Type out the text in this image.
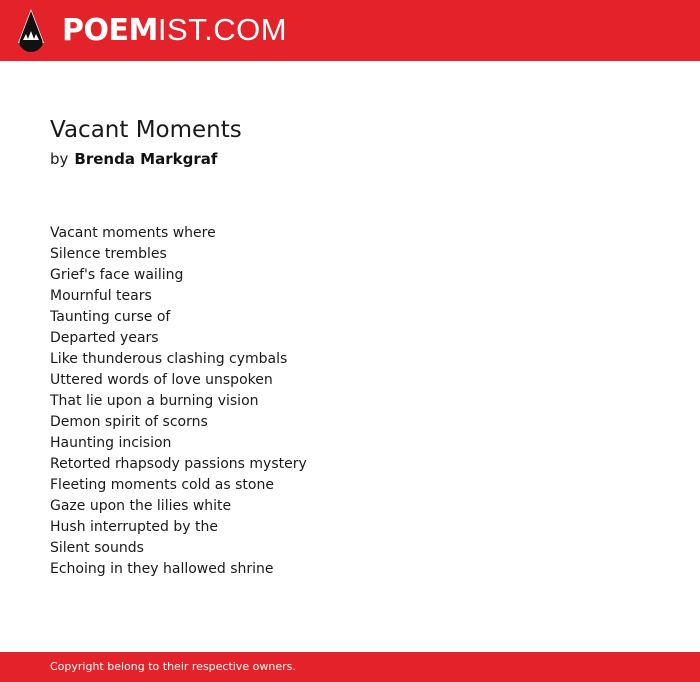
POEMIST.COM
Vacant Moments
by Brenda Markgraf
Vacant moments where
Silence trembles
Grief's face wailing
Mournful tears
Taunting curse of
Departed years
Like thunderous clashing cymbals
Uttered words of love unspoken
That lie upon a burning vision
Demon spirit of scorns
Haunting incision
Retorted rhapsody passions mystery
Fleeting moments cold as stone
Gaze upon the lilies white
Hush interrupted by the
Silent sounds
Echoing in they hallowed shrine
Copyright belong to their respective owners.
